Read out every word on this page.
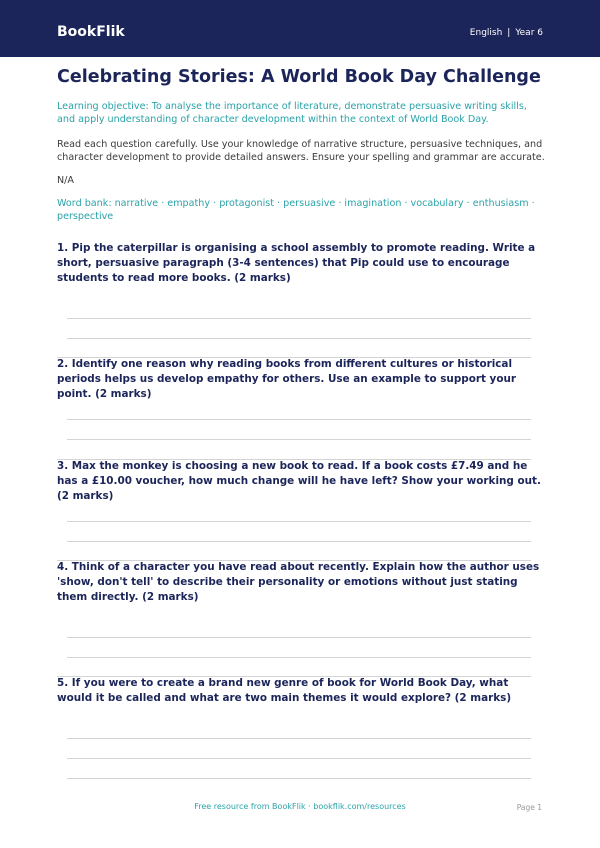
BookFlik	English | Year 6
Celebrating Stories: A World Book Day Challenge
Learning objective: To analyse the importance of literature, demonstrate persuasive writing skills, and apply understanding of character development within the context of World Book Day.
Read each question carefully. Use your knowledge of narrative structure, persuasive techniques, and character development to provide detailed answers. Ensure your spelling and grammar are accurate.
N/A
Word bank: narrative · empathy · protagonist · persuasive · imagination · vocabulary · enthusiasm · perspective
1. Pip the caterpillar is organising a school assembly to promote reading. Write a short, persuasive paragraph (3-4 sentences) that Pip could use to encourage students to read more books. (2 marks)
2. Identify one reason why reading books from different cultures or historical periods helps us develop empathy for others. Use an example to support your point. (2 marks)
3. Max the monkey is choosing a new book to read. If a book costs £7.49 and he has a £10.00 voucher, how much change will he have left? Show your working out. (2 marks)
4. Think of a character you have read about recently. Explain how the author uses 'show, don't tell' to describe their personality or emotions without just stating them directly. (2 marks)
5. If you were to create a brand new genre of book for World Book Day, what would it be called and what are two main themes it would explore? (2 marks)
Free resource from BookFlik · bookflik.com/resources	Page 1
